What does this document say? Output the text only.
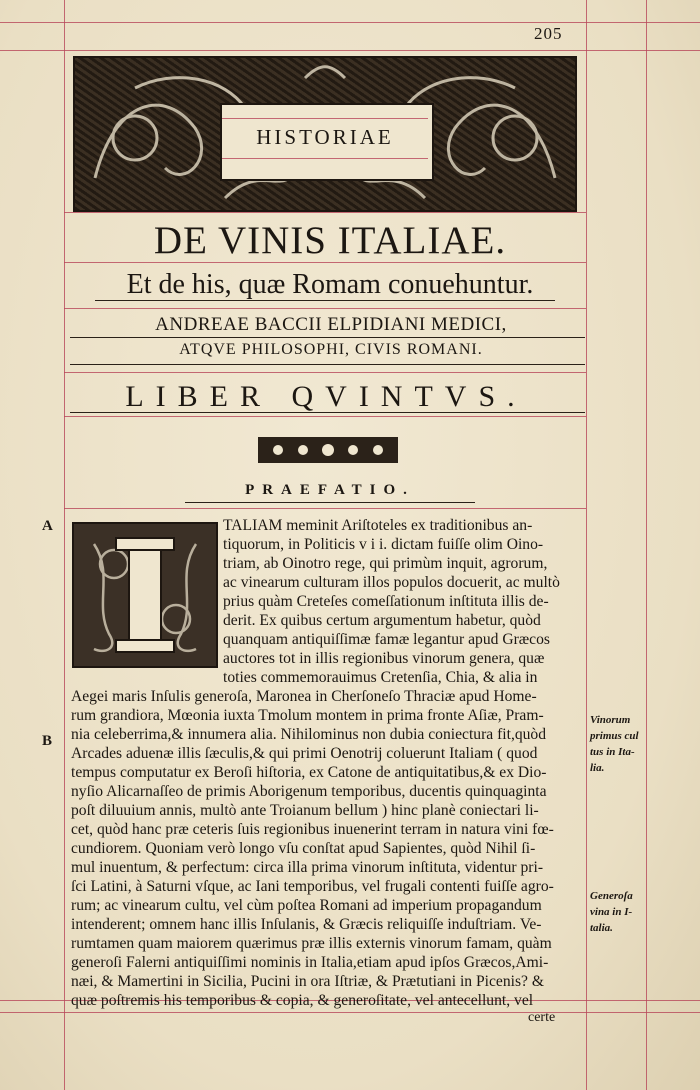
205
HISTORIAE
DE VINIS ITALIAE.
Et de his, quæ Romam conuehuntur.
ANDREAE BACCII ELPIDIANI MEDICI,
ATQVE PHILOSOPHI, CIVIS ROMANI.
LIBER QVINTVS.
PRAEFATIO.
A
B
TALIAM meminit Ariſtoteles ex traditionibus an-
tiquorum, in Politicis v i i. dictam fuiſſe olim Oino-
triam, ab Oinotro rege, qui primùm inquit, agrorum,
ac vinearum culturam illos populos docuerit, ac multò
prius quàm Creteſes comeſſationum inſtituta illis de-
derit. Ex quibus certum argumentum habetur, quòd
quanquam antiquiſſimæ famæ legantur apud Græcos
auctores tot in illis regionibus vinorum genera, quæ
toties commemorauimus Cretenſia, Chia, & alia in
Aegei maris Inſulis generoſa, Maronea in Cherſoneſo Thraciæ apud Home-
rum grandiora, Mœonia iuxta Tmolum montem in prima fronte Aſiæ, Pram-
nia celeberrima,& innumera alia. Nihilominus non dubia coniectura fit,quòd
Arcades aduenæ illis ſæculis,& qui primi Oenotrij coluerunt Italiam ( quod
tempus computatur ex Beroſi hiſtoria, ex Catone de antiquitatibus,& ex Dio-
nyſio Alicarnaſſeo de primis Aborigenum temporibus, ducentis quinquaginta
poſt diluuium annis, multò ante Troianum bellum ) hinc planè coniectari li-
cet, quòd hanc præ ceteris ſuis regionibus inuenerint terram in natura vini fœ-
cundiorem. Quoniam verò longo vſu conſtat apud Sapientes, quòd Nihil ſi-
mul inuentum, & perfectum: circa illa prima vinorum inſtituta, videntur pri-
ſci Latini, à Saturni vſque, ac Iani temporibus, vel frugali contenti fuiſſe agro-
rum; ac vinearum cultu, vel cùm poſtea Romani ad imperium propagandum
intenderent; omnem hanc illis Inſulanis, & Græcis reliquiſſe induſtriam. Ve-
rumtamen quam maiorem quærimus præ illis externis vinorum famam, quàm
generoſi Falerni antiquiſſimi nominis in Italia,etiam apud ipſos Græcos,Ami-
næi, & Mamertini in Sicilia, Pucini in ora Iſtriæ, & Prætutiani in Picenis? &
quæ poſtremis his temporibus & copia, & generoſitate, vel antecellunt, vel
certe
Vinorum
primus cul
tus in Ita-
lia.
Generoſa
vina in I-
talia.
